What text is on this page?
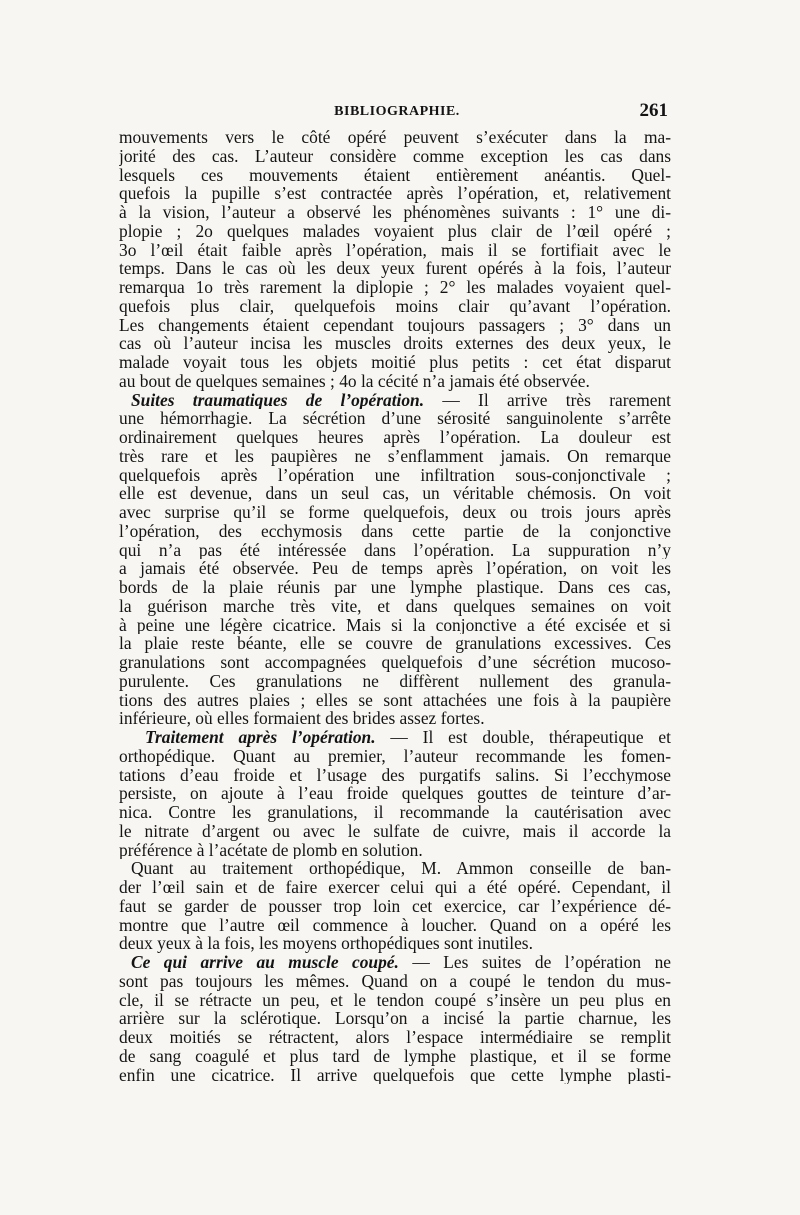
BIBLIOGRAPHIE.	261
mouvements vers le côté opéré peuvent s’exécuter dans la ma-
jorité des cas. L’auteur considère comme exception les cas dans
lesquels ces mouvements étaient entièrement anéantis. Quel-
quefois la pupille s’est contractée après l’opération, et, relativement
à la vision, l’auteur a observé les phénomènes suivants : 1° une di-
plopie ; 2o quelques malades voyaient plus clair de l’œil opéré ;
3o l’œil était faible après l’opération, mais il se fortifiait avec le
temps. Dans le cas où les deux yeux furent opérés à la fois, l’auteur
remarqua 1o très rarement la diplopie ; 2° les malades voyaient quel-
quefois plus clair, quelquefois moins clair qu’avant l’opération.
Les changements étaient cependant toujours passagers ; 3° dans un
cas où l’auteur incisa les muscles droits externes des deux yeux, le
malade voyait tous les objets moitié plus petits : cet état disparut
au bout de quelques semaines ; 4o la cécité n’a jamais été observée.
Suites traumatiques de l’opération. — Il arrive très rarement
une hémorrhagie. La sécrétion d’une sérosité sanguinolente s’arrête
ordinairement quelques heures après l’opération. La douleur est
très rare et les paupières ne s’enflamment jamais. On remarque
quelquefois après l’opération une infiltration sous-conjonctivale ;
elle est devenue, dans un seul cas, un véritable chémosis. On voit
avec surprise qu’il se forme quelquefois, deux ou trois jours après
l’opération, des ecchymosis dans cette partie de la conjonctive
qui n’a pas été intéressée dans l’opération. La suppuration n’y
a jamais été observée. Peu de temps après l’opération, on voit les
bords de la plaie réunis par une lymphe plastique. Dans ces cas,
la guérison marche très vite, et dans quelques semaines on voit
à peine une légère cicatrice. Mais si la conjonctive a été excisée et si
la plaie reste béante, elle se couvre de granulations excessives. Ces
granulations sont accompagnées quelquefois d’une sécrétion mucoso-
purulente. Ces granulations ne diffèrent nullement des granula-
tions des autres plaies ; elles se sont attachées une fois à la paupière
inférieure, où elles formaient des brides assez fortes.
Traitement après l’opération. — Il est double, thérapeutique et
orthopédique. Quant au premier, l’auteur recommande les fomen-
tations d’eau froide et l’usage des purgatifs salins. Si l’ecchymose
persiste, on ajoute à l’eau froide quelques gouttes de teinture d’ar-
nica. Contre les granulations, il recommande la cautérisation avec
le nitrate d’argent ou avec le sulfate de cuivre, mais il accorde la
préférence à l’acétate de plomb en solution.
Quant au traitement orthopédique, M. Ammon conseille de ban-
der l’œil sain et de faire exercer celui qui a été opéré. Cependant, il
faut se garder de pousser trop loin cet exercice, car l’expérience dé-
montre que l’autre œil commence à loucher. Quand on a opéré les
deux yeux à la fois, les moyens orthopédiques sont inutiles.
Ce qui arrive au muscle coupé. — Les suites de l’opération ne
sont pas toujours les mêmes. Quand on a coupé le tendon du mus-
cle, il se rétracte un peu, et le tendon coupé s’insère un peu plus en
arrière sur la sclérotique. Lorsqu’on a incisé la partie charnue, les
deux moitiés se rétractent, alors l’espace intermédiaire se remplit
de sang coagulé et plus tard de lymphe plastique, et il se forme
enfin une cicatrice. Il arrive quelquefois que cette lymphe plasti-
